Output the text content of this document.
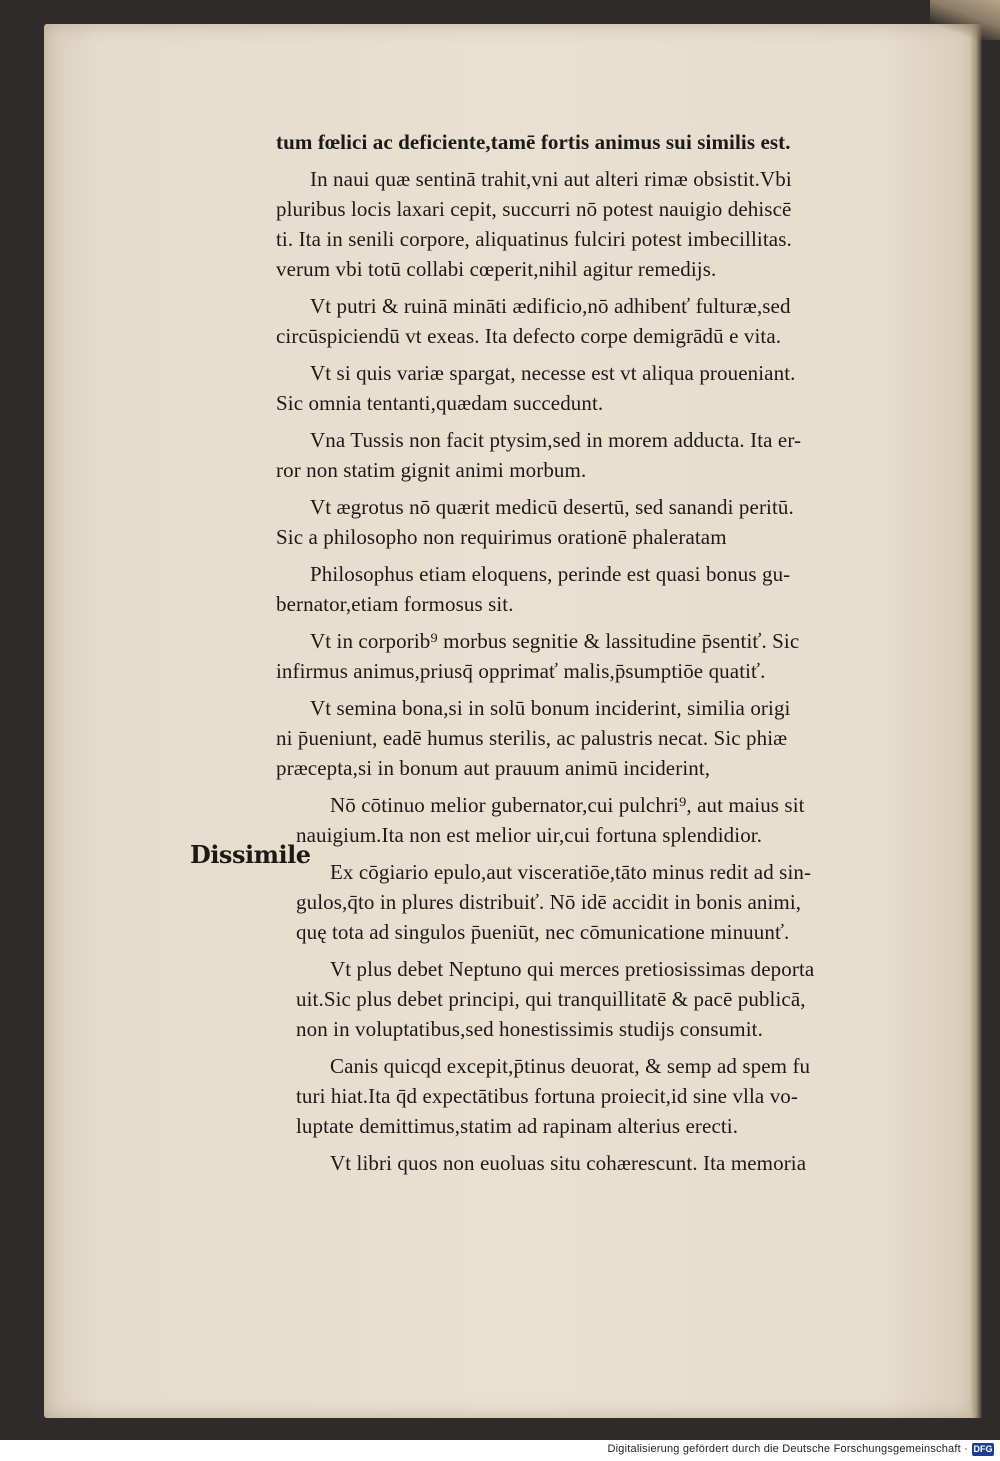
tum fœlici ac deficiente,tamē fortis animus sui similis est.
In naui quæ sentinā trahit,vni aut alteri rimæ obsistit.Vbi
pluribus locis laxari cepit, succurri nō potest nauigio dehiscē
ti. Ita in senili corpore, aliquatinus fulciri potest imbecillitas.
verum vbi totū collabi cœperit,nihil agitur remedijs.
Vt putri & ruinā mināti ædificio,nō adhibenť fulturæ,sed
circūspiciendū vt exeas. Ita defecto corpe demigrādū e vita.
Vt si quis variæ spargat, necesse est vt aliqua proueniant.
Sic omnia tentanti,quædam succedunt.
Vna Tussis non facit ptysim,sed in morem adducta. Ita er-
ror non statim gignit animi morbum.
Vt ægrotus nō quærit medicū desertū, sed sanandi peritū.
Sic a philosopho non requirimus orationē phaleratam
Philosophus etiam eloquens, perinde est quasi bonus gu-
bernator,etiam formosus sit.
Vt in corporib⁹ morbus segnitie & lassitudine p̄sentiť. Sic
infirmus animus,priusq̄ opprimať malis,p̄sumptiōe quatiť.
Vt semina bona,si in solū bonum inciderint, similia origi
ni p̄ueniunt, eadē humus sterilis, ac palustris necat. Sic phiæ
præcepta,si in bonum aut prauum animū inciderint,
Nō cōtinuo melior gubernator,cui pulchri⁹, aut maius sit
nauigium.Ita non est melior uir,cui fortuna splendidior.
Ex cōgiario epulo,aut visceratiōe,tāto minus redit ad sin-
gulos,q̄to in plures distribuiť. Nō idē accidit in bonis animi,
quę tota ad singulos p̄ueniūt, nec cōmunicatione minuunť.
Vt plus debet Neptuno qui merces pretiosissimas deporta
uit.Sic plus debet principi, qui tranquillitatē & pacē publicā,
non in voluptatibus,sed honestissimis studijs consumit.
Canis quicqd excepit,p̄tinus deuorat, & semp ad spem fu
turi hiat.Ita q̄d expectātibus fortuna proiecit,id sine vlla vo-
luptate demittimus,statim ad rapinam alterius erecti.
Vt libri quos non euoluas situ cohærescunt. Ita memoria
Dissimile
Digitalisierung gefördert durch die Deutsche Forschungsgemeinschaft · DFG
